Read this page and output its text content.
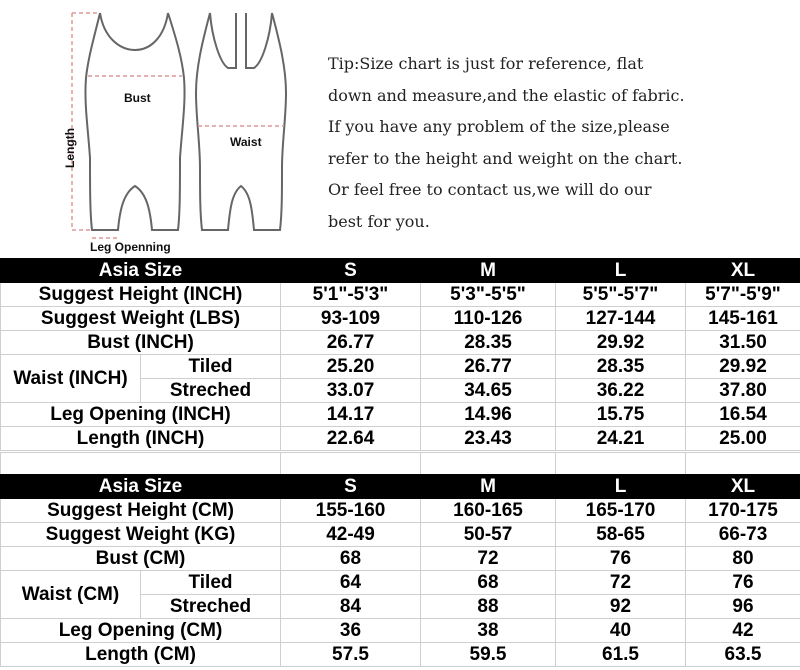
Bust
Waist
Length
Leg Openning
Tip:Size chart is just for reference, flat
down and measure,and the elastic of fabric.
If you have any problem of the size,please
refer to the height and weight on the chart.
Or feel free to contact us,we will do our
best for you.
Asia Size		S	M	L	XL
Suggest Height (INCH)		5'1"-5'3"	5'3"-5'5"	5'5"-5'7"	5'7"-5'9"
Suggest Weight (LBS)		93-109	110-126	127-144	145-161
Bust (INCH)		26.77	28.35	29.92	31.50
Waist (INCH)	Tiled	25.20	26.77	28.35	29.92
	Streched	33.07	34.65	36.22	37.80
Leg Opening (INCH)		14.17	14.96	15.75	16.54
Length (INCH)		22.64	23.43	24.21	25.00

Asia Size		S	M	L	XL
Suggest Height (CM)		155-160	160-165	165-170	170-175
Suggest Weight (KG)		42-49	50-57	58-65	66-73
Bust (CM)		68	72	76	80
Waist (CM)	Tiled	64	68	72	76
	Streched	84	88	92	96
Leg Opening (CM)		36	38	40	42
Length (CM)		57.5	59.5	61.5	63.5
